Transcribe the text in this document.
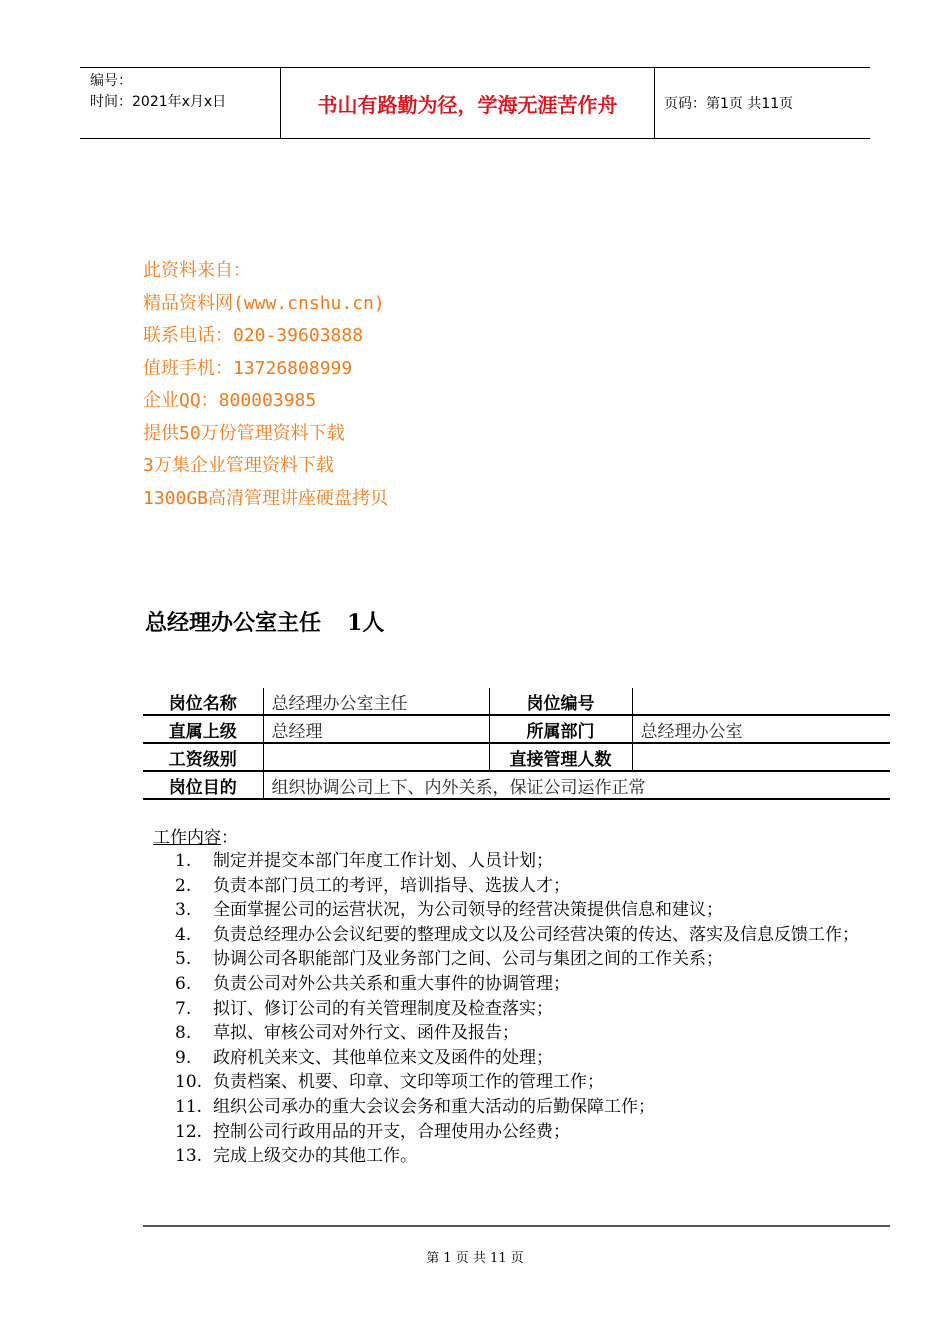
编号：
时间：2021年x月x日	书山有路勤为径，学海无涯苦作舟	页码：第1页 共11页
此资料来自：
精品资料网(www.cnshu.cn)
联系电话：020-39603888
值班手机：13726808999
企业QQ：800003985
提供50万份管理资料下载
3万集企业管理资料下载
1300GB高清管理讲座硬盘拷贝
总经理办公室主任 1人
岗位名称	总经理办公室主任	岗位编号	
直属上级	总经理	所属部门	总经理办公室
工资级别		直接管理人数	
岗位目的	组织协调公司上下、内外关系，保证公司运作正常		
工作内容：
1. 制定并提交本部门年度工作计划、人员计划；
2. 负责本部门员工的考评，培训指导、选拔人才；
3. 全面掌握公司的运营状况，为公司领导的经营决策提供信息和建议；
4. 负责总经理办公会议纪要的整理成文以及公司经营决策的传达、落实及信息反馈工作；
5. 协调公司各职能部门及业务部门之间、公司与集团之间的工作关系；
6. 负责公司对外公共关系和重大事件的协调管理；
7. 拟订、修订公司的有关管理制度及检查落实；
8. 草拟、审核公司对外行文、函件及报告；
9. 政府机关来文、其他单位来文及函件的处理；
10. 负责档案、机要、印章、文印等项工作的管理工作；
11. 组织公司承办的重大会议会务和重大活动的后勤保障工作；
12. 控制公司行政用品的开支，合理使用办公经费；
13. 完成上级交办的其他工作。
第 1 页 共 11 页
